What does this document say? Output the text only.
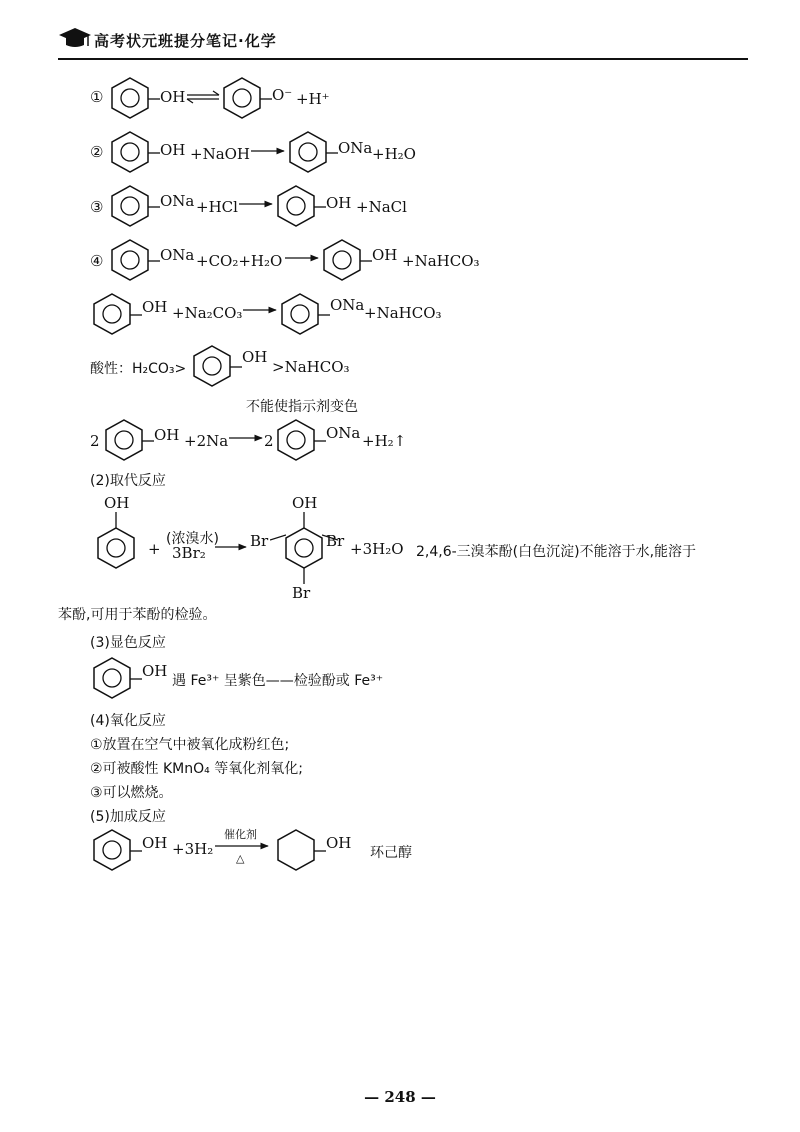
高考状元班提分笔记·化学
①	OH ⇌	O⁻ +H⁺
②	OH +NaOH →	ONa +H₂O
③	ONa +HCl →	OH +NaCl
④	ONa +CO₂+H₂O →	OH +NaHCO₃
OH +Na₂CO₃ →	ONa +NaHCO₃
酸性：H₂CO₃>
OH
>NaHCO₃
不能使指示剂变色
2	OH +2Na → 2	ONa +H₂↑
(2)取代反应
OH
+
(浓溴水)
3Br₂ →
OH
Br	Br
Br
+3H₂O 2,4,6-三溴苯酚(白色沉淀)不能溶于水,能溶于
苯酚,可用于苯酚的检验。
(3)显色反应
OH
遇 Fe³⁺ 呈紫色——检验酚或 Fe³⁺
(4)氧化反应
①放置在空气中被氧化成粉红色;
②可被酸性 KMnO₄ 等氧化剂氧化;
③可以燃烧。
(5)加成反应
OH +3H₂
催化剂
△
OH
环己醇
— 248 —
